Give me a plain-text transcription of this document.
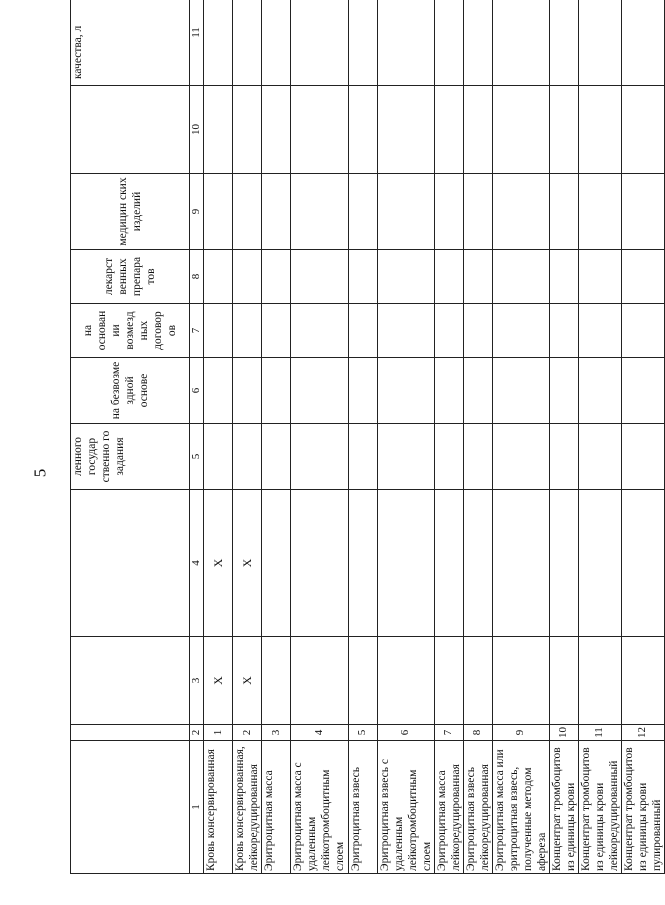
5
				ленного государ ственно го задания	на безвозме здной основе	на основан ии возмезд ных договор ов	лекарст венных препара тов	медицин ских изделий		качества, л	
1	2	3	4	5	6	7	8	9	10	11	
Кровь консервированная	1	X	X								
Кровь консервированная, лейкоредуцированная	2	X	X								
Эритроцитная масса	3										
Эритроцитная масса с удаленным лейкотромбоцитным слоем	4										
Эритроцитная взвесь	5										
Эритроцитная взвесь с удаленным лейкотромбоцитным слоем	6										
Эритроцитная масса лейкоредуцированная	7										
Эритроцитная взвесь лейкоредуцированная	8										
Эритроцитная масса или эритроцитная взвесь, полученные методом афереза	9										
Концентрат тромбоцитов из единицы крови	10										
Концентрат тромбоцитов из единицы крови лейкоредуцированный	11										
Концентрат тромбоцитов из единицы крови пулированный	12										
